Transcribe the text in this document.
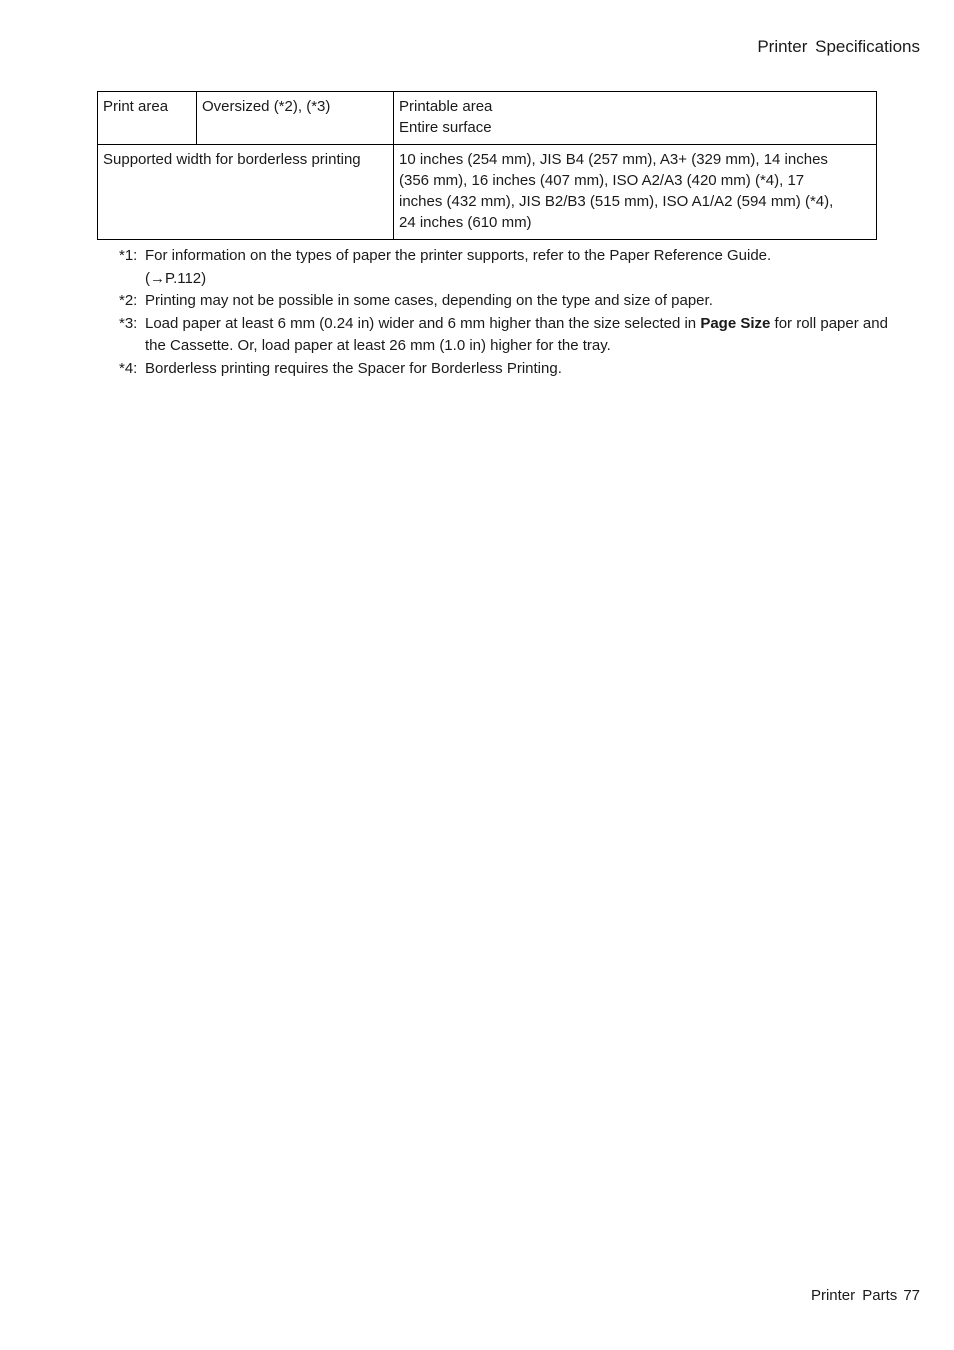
Printer Specifications
Print area	Oversized (*2), (*3)	Printable area
Entire surface

Supported width for borderless printing		10 inches (254 mm), JIS B4 (257 mm), A3+ (329 mm), 14 inches
(356 mm), 16 inches (407 mm), ISO A2/A3 (420 mm) (*4), 17
inches (432 mm), JIS B2/B3 (515 mm), ISO A1/A2 (594 mm) (*4),
24 inches (610 mm)
*1: For information on the types of paper the printer supports, refer to the Paper Reference Guide.
(→P.112)
*2: Printing may not be possible in some cases, depending on the type and size of paper.
*3: Load paper at least 6 mm (0.24 in) wider and 6 mm higher than the size selected in Page Size for roll paper and the Cassette. Or, load paper at least 26 mm (1.0 in) higher for the tray.
*4: Borderless printing requires the Spacer for Borderless Printing.
Printer Parts 77
